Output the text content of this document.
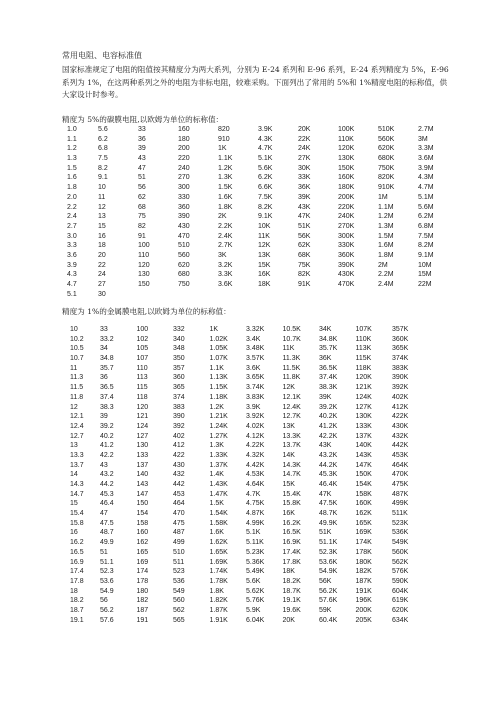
常用电阻、电容标准值
国家标准规定了电阻的阻值按其精度分为两大系列，分别为 E-24 系列和 E-96 系列，E-24 系列精度为 5%，E-96 系列为 1%，在这两种系列之外的电阻为非标电阻，较难采购。下面列出了常用的 5%和 1%精度电阻的标称值，供大家设计时参考。
精度为 5%的碳膜电阻,以欧姆为单位的标称值：
1.0	5.6	33	160	820	3.9K	20K	100K	510K	2.7M
1.1	6.2	36	180	910	4.3K	22K	110K	560K	3M
1.2	6.8	39	200	1K	4.7K	24K	120K	620K	3.3M
1.3	7.5	43	220	1.1K	5.1K	27K	130K	680K	3.6M
1.5	8.2	47	240	1.2K	5.6K	30K	150K	750K	3.9M
1.6	9.1	51	270	1.3K	6.2K	33K	160K	820K	4.3M
1.8	10	56	300	1.5K	6.6K	36K	180K	910K	4.7M
2.0	11	62	330	1.6K	7.5K	39K	200K	1M	5.1M
2.2	12	68	360	1.8K	8.2K	43K	220K	1.1M	5.6M
2.4	13	75	390	2K	9.1K	47K	240K	1.2M	6.2M
2.7	15	82	430	2.2K	10K	51K	270K	1.3M	6.8M
3.0	16	91	470	2.4K	11K	56K	300K	1.5M	7.5M
3.3	18	100	510	2.7K	12K	62K	330K	1.6M	8.2M
3.6	20	110	560	3K	13K	68K	360K	1.8M	9.1M
3.9	22	120	620	3.2K	15K	75K	390K	2M	10M
4.3	24	130	680	3.3K	16K	82K	430K	2.2M	15M
4.7	27	150	750	3.6K	18K	91K	470K	2.4M	22M
5.1	30
精度为 1%的金属膜电阻,以欧姆为单位的标称值：
10	33	100	332	1K	3.32K	10.5K	34K	107K	357K
10.2	33.2	102	340	1.02K	3.4K	10.7K	34.8K	110K	360K
10.5	34	105	348	1.05K	3.48K	11K	35.7K	113K	365K
10.7	34.8	107	350	1.07K	3.57K	11.3K	36K	115K	374K
11	35.7	110	357	1.1K	3.6K	11.5K	36.5K	118K	383K
11.3	36	113	360	1.13K	3.65K	11.8K	37.4K	120K	390K
11.5	36.5	115	365	1.15K	3.74K	12K	38.3K	121K	392K
11.8	37.4	118	374	1.18K	3.83K	12.1K	39K	124K	402K
12	38.3	120	383	1.2K	3.9K	12.4K	39.2K	127K	412K
12.1	39	121	390	1.21K	3.92K	12.7K	40.2K	130K	422K
12.4	39.2	124	392	1.24K	4.02K	13K	41.2K	133K	430K
12.7	40.2	127	402	1.27K	4.12K	13.3K	42.2K	137K	432K
13	41.2	130	412	1.3K	4.22K	13.7K	43K	140K	442K
13.3	42.2	133	422	1.33K	4.32K	14K	43.2K	143K	453K
13.7	43	137	430	1.37K	4.42K	14.3K	44.2K	147K	464K
14	43.2	140	432	1.4K	4.53K	14.7K	45.3K	150K	470K
14.3	44.2	143	442	1.43K	4.64K	15K	46.4K	154K	475K
14.7	45.3	147	453	1.47K	4.7K	15.4K	47K	158K	487K
15	46.4	150	464	1.5K	4.75K	15.8K	47.5K	160K	499K
15.4	47	154	470	1.54K	4.87K	16K	48.7K	162K	511K
15.8	47.5	158	475	1.58K	4.99K	16.2K	49.9K	165K	523K
16	48.7	160	487	1.6K	5.1K	16.5K	51K	169K	536K
16.2	49.9	162	499	1.62K	5.11K	16.9K	51.1K	174K	549K
16.5	51	165	510	1.65K	5.23K	17.4K	52.3K	178K	560K
16.9	51.1	169	511	1.69K	5.36K	17.8K	53.6K	180K	562K
17.4	52.3	174	523	1.74K	5.49K	18K	54.9K	182K	576K
17.8	53.6	178	536	1.78K	5.6K	18.2K	56K	187K	590K
18	54.9	180	549	1.8K	5.62K	18.7K	56.2K	191K	604K
18.2	56	182	560	1.82K	5.76K	19.1K	57.6K	196K	619K
18.7	56.2	187	562	1.87K	5.9K	19.6K	59K	200K	620K
19.1	57.6	191	565	1.91K	6.04K	20K	60.4K	205K	634K
